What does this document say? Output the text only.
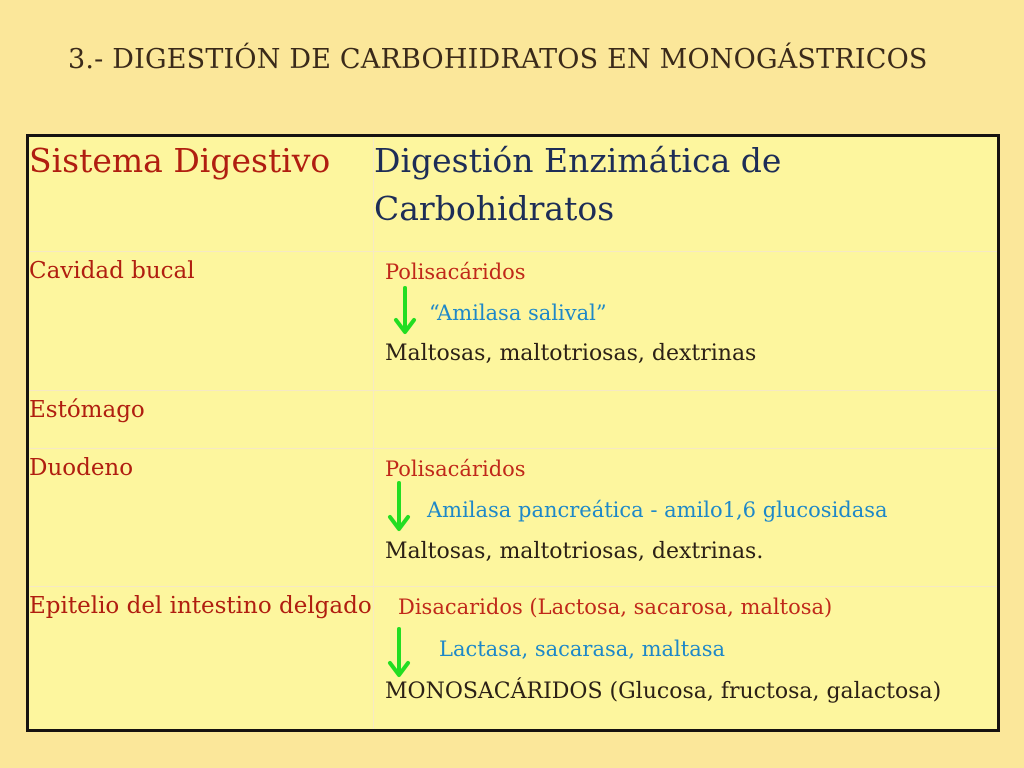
3.- DIGESTIÓN DE CARBOHIDRATOS EN MONOGÁSTRICOS
Sistema Digestivo	Digestión Enzimática de Carbohidratos
Cavidad bucal	Polisacáridos
“Amilasa salival”
Maltosas, maltotriosas, dextrinas

Estómago	
Duodeno	Polisacáridos
Amilasa pancreática - amilo1,6 glucosidasa
Maltosas, maltotriosas, dextrinas.

Epitelio del intestino delgado	Disacaridos (Lactosa, sacarosa, maltosa)
Lactasa, sacarasa, maltasa
MONOSACÁRIDOS (Glucosa, fructosa, galactosa)
